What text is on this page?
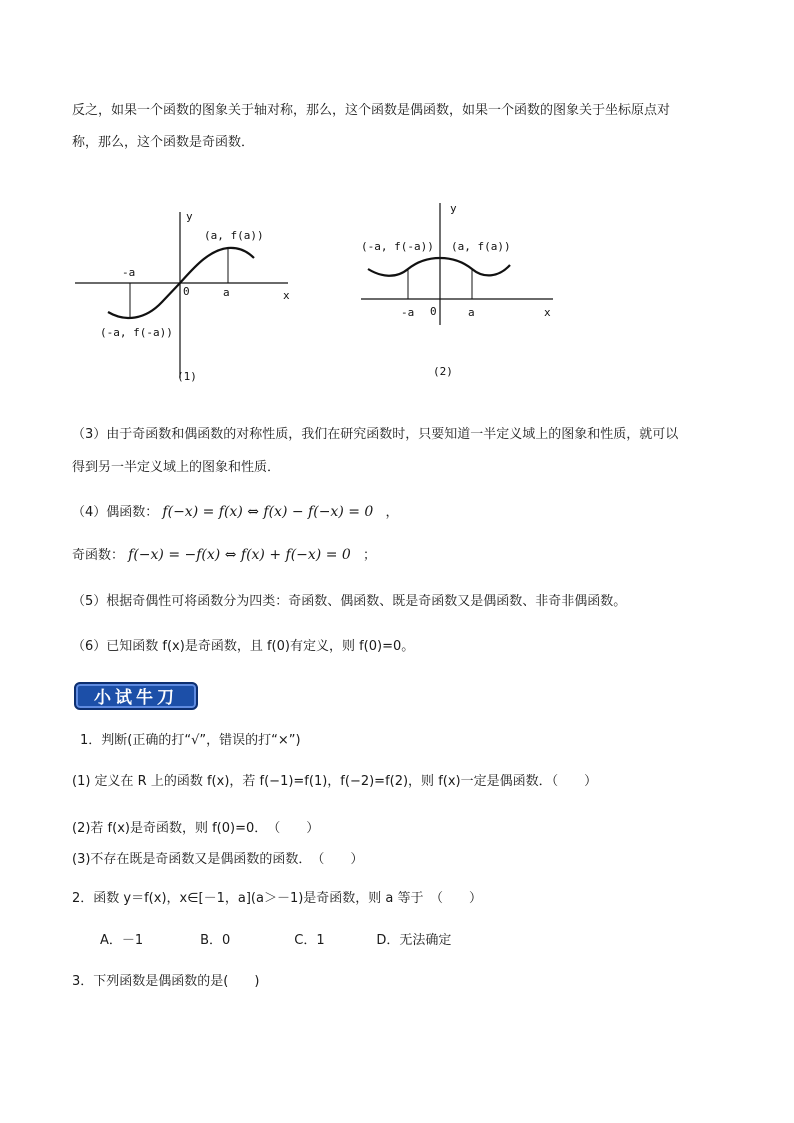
反之，如果一个函数的图象关于轴对称，那么，这个函数是偶函数，如果一个函数的图象关于坐标原点对
称，那么，这个函数是奇函数．
y
x
0
-a
a
(a, f(a))
(-a, f(-a))
(1)
y
x
0
-a	a
(-a, f(-a)) (a, f(a))
(2)
（3）由于奇函数和偶函数的对称性质，我们在研究函数时，只要知道一半定义域上的图象和性质，就可以
得到另一半定义域上的图象和性质．
（4）偶函数： f(−x) = f(x) ⇔ f(x) − f(−x) = 0 ，
奇函数： f(−x) = −f(x) ⇔ f(x) + f(−x) = 0 ；
（5）根据奇偶性可将函数分为四类：奇函数、偶函数、既是奇函数又是偶函数、非奇非偶函数。
（6）已知函数 f(x)是奇函数，且 f(0)有定义，则 f(0)=0。
小试牛刀
1．判断(正确的打“√”，错误的打“×”)
(1) 定义在 R 上的函数 f(x)，若 f(−1)=f(1)，f(−2)=f(2)，则 f(x)一定是偶函数．（　　）
(2)若 f(x)是奇函数，则 f(0)=0．　（　　）
(3)不存在既是奇函数又是偶函数的函数．　（　　）
2．函数 y＝f(x)，x∈[－1，a](a＞－1)是奇函数，则 a 等于　（　　）
A．－1	B．0	C．1	D．无法确定
3．下列函数是偶函数的是(　　)
